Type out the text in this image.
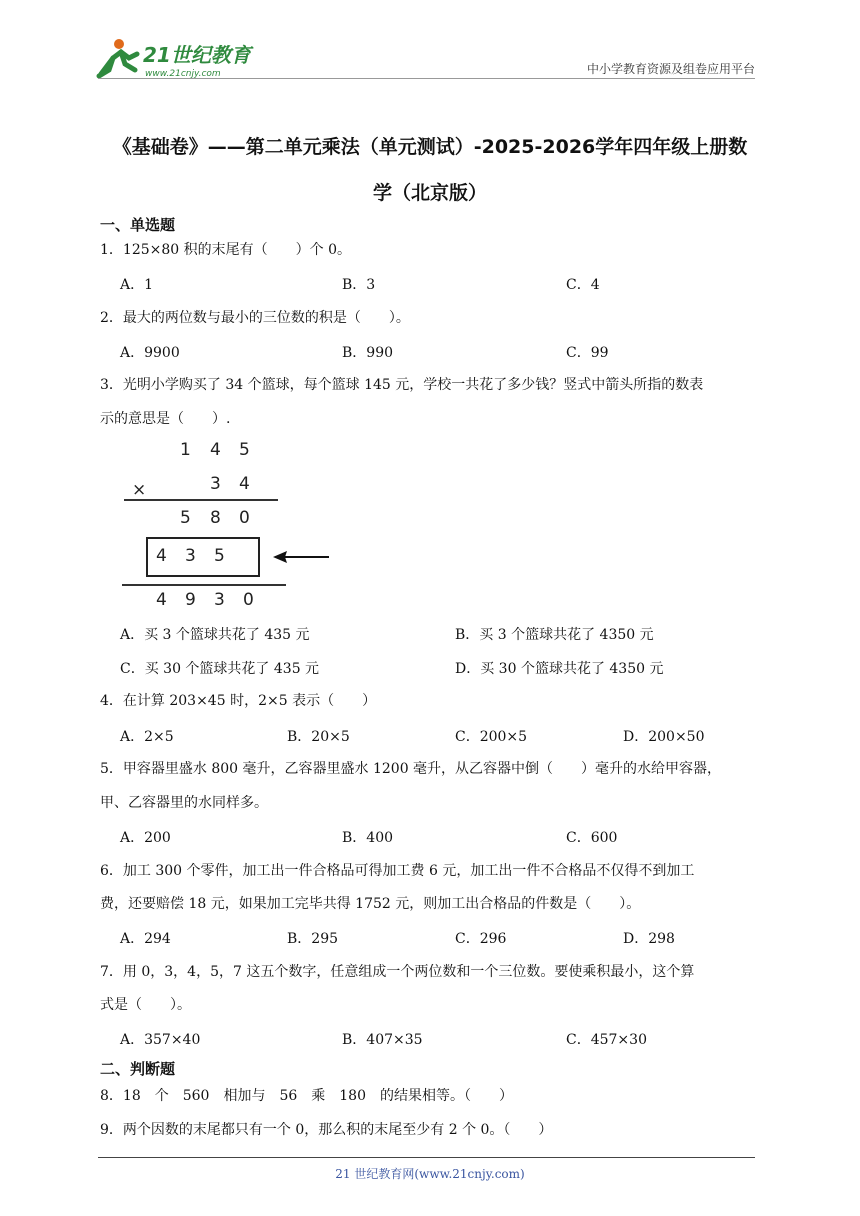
21世纪教育
www.21cnjy.com	中小学教育资源及组卷应用平台
《基础卷》——第二单元乘法（单元测试）-2025-2026学年四年级上册数
学（北京版）
一、单选题
1．125×80 积的末尾有（　　）个 0。
A．1	B．3	C．4
2．最大的两位数与最小的三位数的积是（　　）。
A．9900	B．990	C．99
3．光明小学购买了 34 个篮球，每个篮球 145 元，学校一共花了多少钱？竖式中箭头所指的数表
示的意思是（　　）.
1 4 5
×	3 4
5 8 0
4 3 5
4 9 3 0
A．买 3 个篮球共花了 435 元	B．买 3 个篮球共花了 4350 元
C．买 30 个篮球共花了 435 元	D．买 30 个篮球共花了 4350 元
4．在计算 203×45 时，2×5 表示（　　）
A．2×5	B．20×5	C．200×5	D．200×50
5．甲容器里盛水 800 毫升，乙容器里盛水 1200 毫升，从乙容器中倒（　　）毫升的水给甲容器，
甲、乙容器里的水同样多。
A．200	B．400	C．600
6．加工 300 个零件，加工出一件合格品可得加工费 6 元，加工出一件不合格品不仅得不到加工
费，还要赔偿 18 元，如果加工完毕共得 1752 元，则加工出合格品的件数是（　　）。
A．294	B．295	C．296	D．298
7．用 0，3，4，5，7 这五个数字，任意组成一个两位数和一个三位数。要使乘积最小，这个算
式是（　　）。
A．357×40	B．407×35	C．457×30
二、判断题
8．18　个　560　相加与　56　乘　180　的结果相等。（　　）
9．两个因数的末尾都只有一个 0，那么积的末尾至少有 2 个 0。（　　）
21 世纪教育网(www.21cnjy.com)
